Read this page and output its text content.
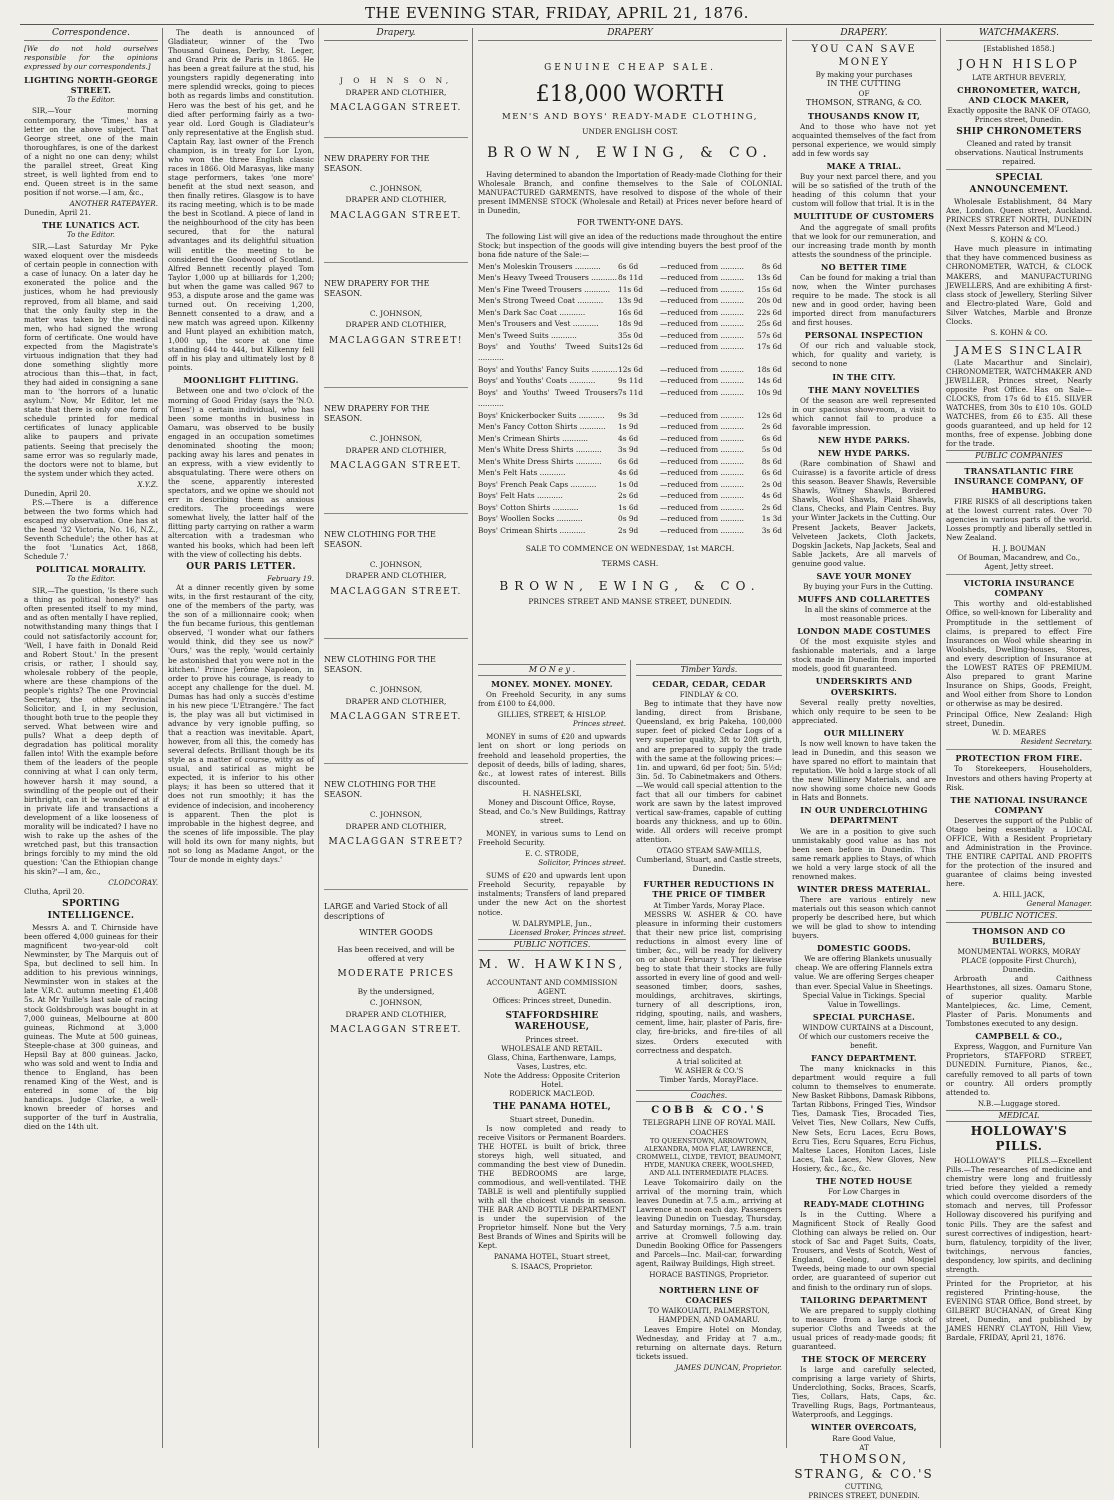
THE EVENING STAR, FRIDAY, APRIL 21, 1876.
Correspondence.
[We do not hold ourselves responsible for the opinions expressed by our correspondents.]
LIGHTING NORTH-GEORGE STREET.
To the Editor.

SIR,—Your morning contemporary, the 'Times,' has a letter on the above subject. That George street, one of the main thoroughfares, is one of the darkest of a night no one can deny; whilst the parallel street, Great King street, is well lighted from end to end. Queen street is in the same position if not worse.—I am, &c.,

ANOTHER RATEPAYER.
Dunedin, April 21.
THE LUNATICS ACT.
To the Editor.

SIR,—Last Saturday Mr Pyke waxed eloquent over the misdeeds of certain people in connection with a case of lunacy. On a later day he exonerated the police and the justices, whom he had previously reproved, from all blame, and said that the only faulty step in the matter was taken by the medical men, who had signed the wrong form of certificate. One would have expected from the Magistrate's virtuous indignation that they had done something slightly more atrocious than this—that, in fact, they had aided in consigning a sane man to 'the horrors of a lunatic asylum.' Now, Mr Editor, let me state that there is only one form of schedule printed for medical certificates of lunacy applicable alike to paupers and private patients. Seeing that precisely the same error was so regularly made, the doctors were not to blame, but the system under which they acted.

X.Y.Z.
Dunedin, April 20.

P.S.—There is a difference between the two forms which had escaped my observation. One has at the head '32 Victoria, No. 16, N.Z., Seventh Schedule'; the other has at the foot 'Lunatics Act, 1868, Schedule 7.'

POLITICAL MORALITY.
To the Editor.

SIR,—The question, 'Is there such a thing as political honesty?' has often presented itself to my mind, and as often mentally I have replied, notwithstanding many things that I could not satisfactorily account for, 'Well, I have faith in Donald Reid and Robert Stout.' In the present crisis, or rather, I should say, wholesale robbery of the people, where are these champions of the people's rights? The one Provincial Secretary, the other Provincial Solicitor, and I, in my seclusion, thought both true to the people they served. What between wire and pulls? What a deep depth of degradation has political morality fallen into! With the example before them of the leaders of the people conniving at what I can only term, however harsh it may sound, a swindling of the people out of their birthright, can it be wondered at if in private life and transactions a development of a like looseness of morality will be indicated? I have no wish to rake up the ashes of the wretched past, but this transaction brings forcibly to my mind the old question: 'Can the Ethiopian change his skin?'—I am, &c.,

CLODCORAY.
Clutha, April 20.
SPORTING INTELLIGENCE.

Messrs A. and T. Chirnside have been offered 4,000 guineas for their magnificent two-year-old colt Newminster, by The Marquis out of Spa, but declined to sell him. In addition to his previous winnings, Newminster won in stakes at the late V.R.C. autumn meeting £1,408 5s. At Mr Yuille's last sale of racing stock Goldsbrough was bought in at 7,000 guineas, Melbourne at 800 guineas, Richmond at 3,000 guineas. The Mute at 500 guineas, Steeple-chase at 300 guineas, and Hepsil Bay at 800 guineas. Jacko, who was sold and went to India and thence to England, has been renamed King of the West, and is entered in some of the big handicaps. Judge Clarke, a well-known breeder of horses and supporter of the turf in Australia, died on the 14th ult.

The death is announced of Gladiateur, winner of the Two Thousand Guineas, Derby, St. Leger, and Grand Prix de Paris in 1865. He has been a great failure at the stud, his youngsters rapidly degenerating into mere splendid wrecks, going to pieces both as regards limbs and constitution. Hero was the best of his get, and he died after performing fairly as a two-year old. Lord Gough is Gladiateur's only representative at the English stud. Captain Ray, last owner of the French champion, is in treaty for Lor Lyon, who won the three English classic races in 1866. Old Marasyas, like many stage performers, takes 'one more' benefit at the stud next season, and then finally retires. Glasgow is to have its racing meeting, which is to be made the best in Scotland. A piece of land in the neighbourhood of the city has been secured, that for the natural advantages and its delightful situation will entitle the meeting to be considered the Goodwood of Scotland. Alfred Bennett recently played Tom Taylor 1,000 up at billiards for 1,200; but when the game was called 967 to 953, a dispute arose and the game was turned out. On receiving 1,200, Bennett consented to a draw, and a new match was agreed upon. Kilkenny and Hunt played an exhibition match, 1,000 up, the score at one time standing 644 to 444, but Kilkenny fell off in his play and ultimately lost by 8 points.

MOONLIGHT FLITTING.

Between one and two o'clock of the morning of Good Friday (says the 'N.O. Times') a certain individual, who has been some months in business in Oamaru, was observed to be busily engaged in an occupation sometimes denominated shooting the moon; packing away his lares and penates in an express, with a view evidently to absquatulating. There were others on the scene, apparently interested spectators, and we opine we should not err in describing them as anxious creditors. The proceedings were somewhat lively, the latter half of the flitting party carrying on rather a warm altercation with a tradesman who wanted his books, which had been left with the view of collecting his debts.

OUR PARIS LETTER.
February 19.

At a dinner recently given by some wits, in the first restaurant of the city, one of the members of the party, was the son of a millionnaire cook; when the fun became furious, this gentleman observed, 'I wonder what our fathers would think, did they see us now?' 'Ours,' was the reply, 'would certainly be astonished that you were not in the kitchen.' Prince Jerôme Napoleon, in order to prove his courage, is ready to accept any challenge for the duel. M. Dumas has had only a succès d'estime in his new piece 'L'Etrangère.' The fact is, the play was all but victimised in advance by very ignoble puffing, so that a reaction was inevitable. Apart, however, from all this, the comedy has several defects. Brilliant though be its style as a matter of course, witty as of usual, and satirical as might be expected, it is inferior to his other plays; it has been so uttered that it does not run smoothly; it has the evidence of indecision, and incoherency is apparent. Then the plot is improbable in the highest degree, and the scenes of life impossible. The play will hold its own for many nights, but not so long as Madame Angot, or the 'Tour de monde in eighty days.'

Drapery.
J O H N S O N,
DRAPER AND CLOTHIER,
MACLAGGAN STREET.
NEW DRAPERY FOR THE SEASON.
C. JOHNSON,
DRAPER AND CLOTHIER,
MACLAGGAN STREET.
NEW DRAPERY FOR THE SEASON.
C. JOHNSON,
DRAPER AND CLOTHIER,
MACLAGGAN STREET!
NEW DRAPERY FOR THE SEASON.
C. JOHNSON,
DRAPER AND CLOTHIER,
MACLAGGAN STREET.
NEW CLOTHING FOR THE SEASON.
C. JOHNSON,
DRAPER AND CLOTHIER,
MACLAGGAN STREET.
NEW CLOTHING FOR THE SEASON.
C. JOHNSON,
DRAPER AND CLOTHIER,
MACLAGGAN STREET.
NEW CLOTHING FOR THE SEASON.
C. JOHNSON,
DRAPER AND CLOTHIER,
MACLAGGAN STREET?
LARGE and Varied Stock of all descriptions of
WINTER GOODS
Has been received, and will be offered at very
MODERATE PRICES
By the undersigned,
C. JOHNSON,
DRAPER AND CLOTHIER,
MACLAGGAN STREET.
DRAPERY
GENUINE CHEAP SALE.
£18,000 WORTH
MEN'S AND BOYS' READY-MADE CLOTHING,
UNDER ENGLISH COST.
BROWN, EWING, & CO.

Having determined to abandon the Importation of Ready-made Clothing for their Wholesale Branch, and confine themselves to the Sale of COLONIAL MANUFACTURED GARMENTS, have resolved to dispose of the whole of their present IMMENSE STOCK (Wholesale and Retail) at Prices never before heard of in Dunedin,

FOR TWENTY-ONE DAYS.

The following List will give an idea of the reductions made throughout the entire Stock; but inspection of the goods will give intending buyers the best proof of the bona fide nature of the Sale:—

Men's Moleskin Trousers ...........	6s 6d	—reduced from ..........	8s 6d
Men's Heavy Tweed Trousers ........... 8s 11d	—reduced from ..........	13s 6d
Men's Fine Tweed Trousers ...........	11s 6d	—reduced from ..........	15s 6d
Men's Strong Tweed Coat ...........	13s 9d	—reduced from ..........	20s 0d
Men's Dark Sac Coat ...........	16s 6d	—reduced from ..........	22s 6d
Men's Trousers and Vest ...........	18s 9d	—reduced from ..........	25s 6d
Men's Tweed Suits ...........	35s 0d	—reduced from ..........	57s 6d
Boys' and Youths' Tweed Suits ...........
12s 6d	—reduced from ..........	17s 6d
Boys' and Youths' Fancy Suits ........... 12s 6d	—reduced from ..........	18s 6d
Boys' and Youths' Coats ...........	9s 11d	—reduced from ..........	14s 6d
Boys' and Youths' Tweed Trousers ...........
7s 11d	—reduced from ..........	10s 9d
Boys' Knickerbocker Suits ...........	9s 3d	—reduced from ..........	12s 6d
Men's Fancy Cotton Shirts ...........	1s 9d	—reduced from ..........	2s 6d
Men's Crimean Shirts ...........	4s 6d	—reduced from ..........	6s 6d
Men's White Dress Shirts ...........	3s 9d	—reduced from ..........	5s 0d
Men's White Dress Shirts ...........	6s 6d	—reduced from ..........	8s 6d
Men's Felt Hats ...........	4s 6d	—reduced from ..........	6s 6d
Boys' French Peak Caps ...........	1s 0d	—reduced from ..........	2s 0d
Boys' Felt Hats ...........	2s 6d	—reduced from ..........	4s 6d
Boys' Cotton Shirts ...........	1s 6d	—reduced from ..........	2s 6d
Boys' Woollen Socks ...........	0s 9d	—reduced from ..........	1s 3d
Boys' Crimean Shirts ...........	2s 9d	—reduced from ..........	3s 6d
SALE TO COMMENCE ON WEDNESDAY, 1st MARCH.
TERMS CASH.
BROWN, EWING, & CO.
PRINCES STREET AND MANSE STREET, DUNEDIN.
M O N e y .
MONEY. MONEY. MONEY.

On Freehold Security, in any sums from £100 to £4,000.

GILLIES, STREET, & HISLOP.
Princes street.

MONEY in sums of £20 and upwards lent on short or long periods on freehold and leasehold properties, the deposit of deeds, bills of lading, shares, &c., at lowest rates of interest. Bills discounted.

H. NASHELSKI,
Money and Discount Office, Royse, Stead, and Co.'s New Buildings, Rattray street.

MONEY, in various sums to Lend on Freehold Security.

E. C. STRODE,
Solicitor, Princes street.

SUMS of £20 and upwards lent upon Freehold Security, repayable by instalments; Transfers of land prepared under the new Act on the shortest notice.

W. DALRYMPLE, Jun.,
Licensed Broker, Princes street.
PUBLIC NOTICES.
M. W. HAWKINS,
ACCOUNTANT AND COMMISSION AGENT.
Offices: Princes street, Dunedin.
STAFFORDSHIRE WAREHOUSE,
Princes street.
WHOLESALE AND RETAIL.
Glass, China, Earthenware, Lamps, Vases, Lustres, etc.
Note the Address: Opposite Criterion Hotel.
RODERICK MACLEOD.
THE PANAMA HOTEL,
Stuart street, Dunedin.

Is now completed and ready to receive Visitors or Permanent Boarders. THE HOTEL is built of brick, three storeys high, well situated, and commanding the best view of Dunedin. THE BEDROOMS are large, commodious, and well-ventilated. THE TABLE is well and plentifully supplied with all the choicest viands in season. THE BAR AND BOTTLE DEPARTMENT is under the supervision of the Proprietor himself. None but the Very Best Brands of Wines and Spirits will be Kept.

PANAMA HOTEL, Stuart street,
S. ISAACS, Proprietor.
Timber Yards.
CEDAR, CEDAR, CEDAR
FINDLAY & CO.

Beg to intimate that they have now landing, direct from Brisbane, Queensland, ex brig Pakeha, 100,000 super. feet of picked Cedar Logs of a very superior quality, 3ft to 20ft girth, and are prepared to supply the trade with the same at the following prices:— 1in. and upward, 6d per foot; 5in. 5½d; 3in. 5d. To Cabinetmakers and Others.—We would call special attention to the fact that all our timbers for cabinet work are sawn by the latest improved vertical saw-frames, capable of cutting boards any thickness, and up to 60in. wide. All orders will receive prompt attention.

OTAGO STEAM SAW-MILLS,
Cumberland, Stuart, and Castle streets, Dunedin.
FURTHER REDUCTIONS IN THE PRICE OF TIMBER
At Timber Yards, Moray Place.

MESSRS W. ASHER & CO. have pleasure in informing their customers that their new price list, comprising reductions in almost every line of timber, &c., will be ready for delivery on or about February 1. They likewise beg to state that their stocks are fully assorted in every line of good and well-seasoned timber, doors, sashes, mouldings, architraves, skirtings, turnery of all descriptions, iron, ridging, spouting, nails, and washers, cement, lime, hair, plaster of Paris, fire-clay, fire-bricks, and fire-tiles of all sizes. Orders executed with correctness and despatch.

A trial solicited at
W. ASHER & CO.'S
Timber Yards, MorayPlace.
Coaches.
COBB & CO.'S
TELEGRAPH LINE OF ROYAL MAIL COACHES
TO QUEENSTOWN, ARROWTOWN, ALEXANDRA, MOA FLAT, LAWRENCE, CROMWELL, CLYDE, TEVIOT, BEAUMONT, HYDE, MANUKA CREEK, WOOLSHED, AND ALL INTERMEDIATE PLACES.

Leave Tokomairiro daily on the arrival of the morning train, which leaves Dunedin at 7.5 a.m., arriving at Lawrence at noon each day. Passengers leaving Dunedin on Tuesday, Thursday, and Saturday mornings, 7.5 a.m. train arrive at Cromwell following day. Dunedin Booking Office for Passengers and Parcels—Inc. Mail-car, forwarding agent, Railway Buildings, High street.

HORACE BASTINGS, Proprietor.
NORTHERN LINE OF COACHES
TO WAIKOUAITI, PALMERSTON, HAMPDEN, AND OAMARU.

Leaves Empire Hotel on Monday, Wednesday, and Friday at 7 a.m., returning on alternate days. Return tickets issued.

JAMES DUNCAN, Proprietor.
DRAPERY.
YOU CAN SAVE MONEY
By making your purchases
IN THE CUTTING
OF
THOMSON, STRANG, & CO.
THOUSANDS KNOW IT,

And to those who have not yet acquainted themselves of the fact from personal experience, we would simply add in few words say

MAKE A TRIAL.

Buy your next parcel there, and you will be so satisfied of the truth of the heading of this column that your custom will follow that trial. It is in the

MULTITUDE OF CUSTOMERS

And the aggregate of small profits that we look for our remuneration, and our increasing trade month by month attests the soundness of the principle.

NO BETTER TIME

Can be found for making a trial than now, when the Winter purchases require to be made. The stock is all new and in good order, having been imported direct from manufacturers and first houses.

PERSONAL INSPECTION

Of our rich and valuable stock, which, for quality and variety, is second to none

IN THE CITY.
THE MANY NOVELTIES

Of the season are well represented in our spacious show-room, a visit to which cannot fail to produce a favorable impression.

NEW HYDE PARKS.
NEW HYDE PARKS.

(Rare combination of Shawl and Cuirasse) is a favorite article of dress this season. Beaver Shawls, Reversible Shawls, Witney Shawls, Bordered Shawls, Wool Shawls, Plaid Shawls, Clans, Checks, and Plain Centres. Buy your Winter Jackets in the Cutting. Our Present Jackets, Beaver Jackets, Velveteen Jackets, Cloth Jackets, Dogskin Jackets, Nap Jackets, Seal and Sable Jackets, Are all marvels of genuine good value.

SAVE YOUR MONEY

By buying your Furs in the Cutting.

MUFFS AND COLLARETTES

In all the skins of commerce at the most reasonable prices.

LONDON MADE COSTUMES

Of the most exquisite styles and fashionable materials, and a large stock made in Dunedin from imported models, good fit guaranteed.

UNDERSKIRTS AND OVERSKIRTS.

Several really pretty novelties, which only require to be seen to be appreciated.

OUR MILLINERY

Is now well known to have taken the lead in Dunedin, and this season we have spared no effort to maintain that reputation. We hold a large stock of all the new Millinery Materials, and are now showing some choice new Goods in Hats and Bonnets.

IN OUR UNDERCLOTHING DEPARTMENT

We are in a position to give such unmistakably good value as has not been seen before in Dunedin. This same remark applies to Stays, of which we hold a very large stock of all the renowned makes.

WINTER DRESS MATERIAL.

There are various entirely new materials out this season which cannot properly be described here, but which we will be glad to show to intending buyers.

DOMESTIC GOODS.

We are offering Blankets unusually cheap. We are offering Flannels extra value. We are offering Serges cheaper than ever. Special Value in Sheetings. Special Value in Tickings. Special Value in Towellings.

SPECIAL PURCHASE.

WINDOW CURTAINS at a Discount, Of which our customers receive the benefit.

FANCY DEPARTMENT.

The many knicknacks in this department would require a full column to themselves to enumerate. New Basket Ribbons, Damask Ribbons, Tartan Ribbons, Fringed Ties, Windsor Ties, Damask Ties, Brocaded Ties, Velvet Ties, New Collars, New Cuffs, New Sets, Ecru Laces, Ecru Bows, Ecru Ties, Ecru Squares, Ecru Fichus, Maltese Laces, Honiton Laces, Lisle Laces, Tak Laces, New Gloves, New Hosiery, &c., &c., &c.

THE NOTED HOUSE
For Low Charges in
READY-MADE CLOTHING

Is in the Cutting. Where a Magnificent Stock of Really Good Clothing can always be relied on. Our stock of Sac and Paget Suits, Coats, Trousers, and Vests of Scotch, West of England, Geelong, and Mosgiel Tweeds, being made to our own special order, are guaranteed of superior cut and finish to the ordinary run of slops.

TAILORING DEPARTMENT

We are prepared to supply clothing to measure from a large stock of superior Cloths and Tweeds at the usual prices of ready-made goods; fit guaranteed.

THE STOCK OF MERCERY

Is large and carefully selected, comprising a large variety of Shirts, Underclothing, Socks, Braces, Scarfs, Ties, Collars, Hats, Caps, &c. Travelling Rugs, Bags, Portmanteaus, Waterproofs, and Leggings.

WINTER OVERCOATS,
Rare Good Value,
AT
THOMSON, STRANG, & CO.'S
CUTTING,
PRINCES STREET, DUNEDIN.
WATCHMAKERS.
[Established 1858.]
JOHN HISLOP
LATE ARTHUR BEVERLY,
CHRONOMETER, WATCH, AND CLOCK MAKER,
Exactly opposite the BANK OF OTAGO,
Princes street, Dunedin.
SHIP CHRONOMETERS
Cleaned and rated by transit observations. Nautical Instruments repaired.
SPECIAL ANNOUNCEMENT.

Wholesale Establishment, 84 Mary Axe, London. Queen street, Auckland. PRINCES STREET NORTH, DUNEDIN (Next Messrs Paterson and M'Leod.)

S. KOHN & CO.

Have much pleasure in intimating that they have commenced business as CHRONOMETER, WATCH, & CLOCK MAKERS, and MANUFACTURING JEWELLERS, And are exhibiting A first-class stock of Jewellery, Sterling Silver and Electro-plated Ware, Gold and Silver Watches, Marble and Bronze Clocks.

S. KOHN & CO.
JAMES SINCLAIR

(Late Macarthur and Sinclair), CHRONOMETER, WATCHMAKER AND JEWELLER, Princes street, Nearly opposite Post Office. Has on Sale—CLOCKS, from 17s 6d to £15. SILVER WATCHES, from 30s to £10 10s. GOLD WATCHES, from £6 to £35. All these goods guaranteed, and up held for 12 months, free of expense. Jobbing done for the trade.

PUBLIC COMPANIES
TRANSATLANTIC FIRE INSURANCE COMPANY, OF HAMBURG.

FIRE RISKS of all descriptions taken at the lowest current rates. Over 70 agencies in various parts of the world. Losses promptly and liberally settled in New Zealand.

H. J. BOUMAN
Of Bouman, Macandrew, and Co., Agent, Jetty street.
VICTORIA INSURANCE COMPANY

This worthy and old-established Office, so well-known for Liberality and Promptitude in the settlement of claims, is prepared to effect Fire Insurances on Wool while shearing in Woolsheds, Dwelling-houses, Stores, and every description of Insurance at the LOWEST RATES OF PREMIUM. Also prepared to grant Marine Insurance on Ships, Goods, Freight, and Wool either from Shore to London or otherwise as may be desired.

Principal Office, New Zealand: High street, Dunedin.
W. D. MEARES
Resident Secretary.
PROTECTION FROM FIRE.

To Storekeepers, Householders, Investors and others having Property at Risk.

THE NATIONAL INSURANCE COMPANY

Deserves the support of the Public of Otago being essentially a LOCAL OFFICE, With a Resident Proprietary and Administration in the Province. THE ENTIRE CAPITAL AND PROFITS for the protection of the insured and guarantee of claims being invested here.

A. HILL JACK,
General Manager.
PUBLIC NOTICES.
THOMSON AND CO BUILDERS,
MONUMENTAL WORKS, MORAY PLACE (opposite First Church), Dunedin.

Arbroath and Caithness Hearthstones, all sizes. Oamaru Stone, of superior quality. Marble Mantelpieces, &c. Lime, Cement, Plaster of Paris. Monuments and Tombstones executed to any design.

CAMPBELL & CO.,

Express, Waggon, and Furniture Van Proprietors, STAFFORD STREET, DUNEDIN. Furniture, Pianos, &c., carefully removed to all parts of town or country. All orders promptly attended to.

N.B.—Luggage stored.
MEDICAL
HOLLOWAY'S PILLS.

HOLLOWAY'S PILLS.—Excellent Pills.—The researches of medicine and chemistry were long and fruitlessly tried before they yielded a remedy which could overcome disorders of the stomach and nerves, till Professor Holloway discovered his purifying and tonic Pills. They are the safest and surest correctives of indigestion, heart-burn, flatulency, torpidity of the liver, twitchings, nervous fancies, despondency, low spirits, and declining strength.

Printed for the Proprietor, at his registered Printing-house, the EVENING STAR Office, Bond street, by GILBERT BUCHANAN, of Great King street, Dunedin, and published by JAMES HENRY CLAYTON, Hill View, Bardale, FRIDAY, April 21, 1876.
